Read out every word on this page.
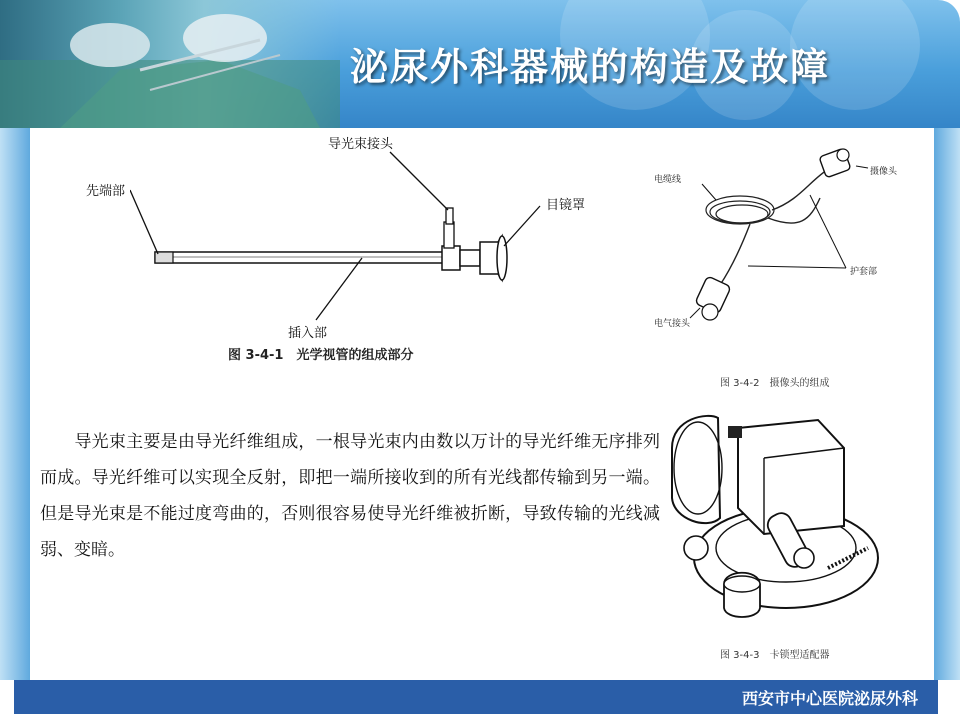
泌尿外科器械的构造及故障
导光束接头
先端部
目镜罩
插入部
图 3-4-1　光学视管的组成部分
电缆线
摄像头
护套部
电气接头
图 3-4-2　摄像头的组成
　　导光束主要是由导光纤维组成，一根导光束内由数以万计的导光纤维无序排列而成。导光纤维可以实现全反射，即把一端所接收到的所有光线都传输到另一端。但是导光束是不能过度弯曲的，否则很容易使导光纤维被折断，导致传输的光线减弱、变暗。
图 3-4-3　卡锁型适配器
西安市中心医院泌尿外科
